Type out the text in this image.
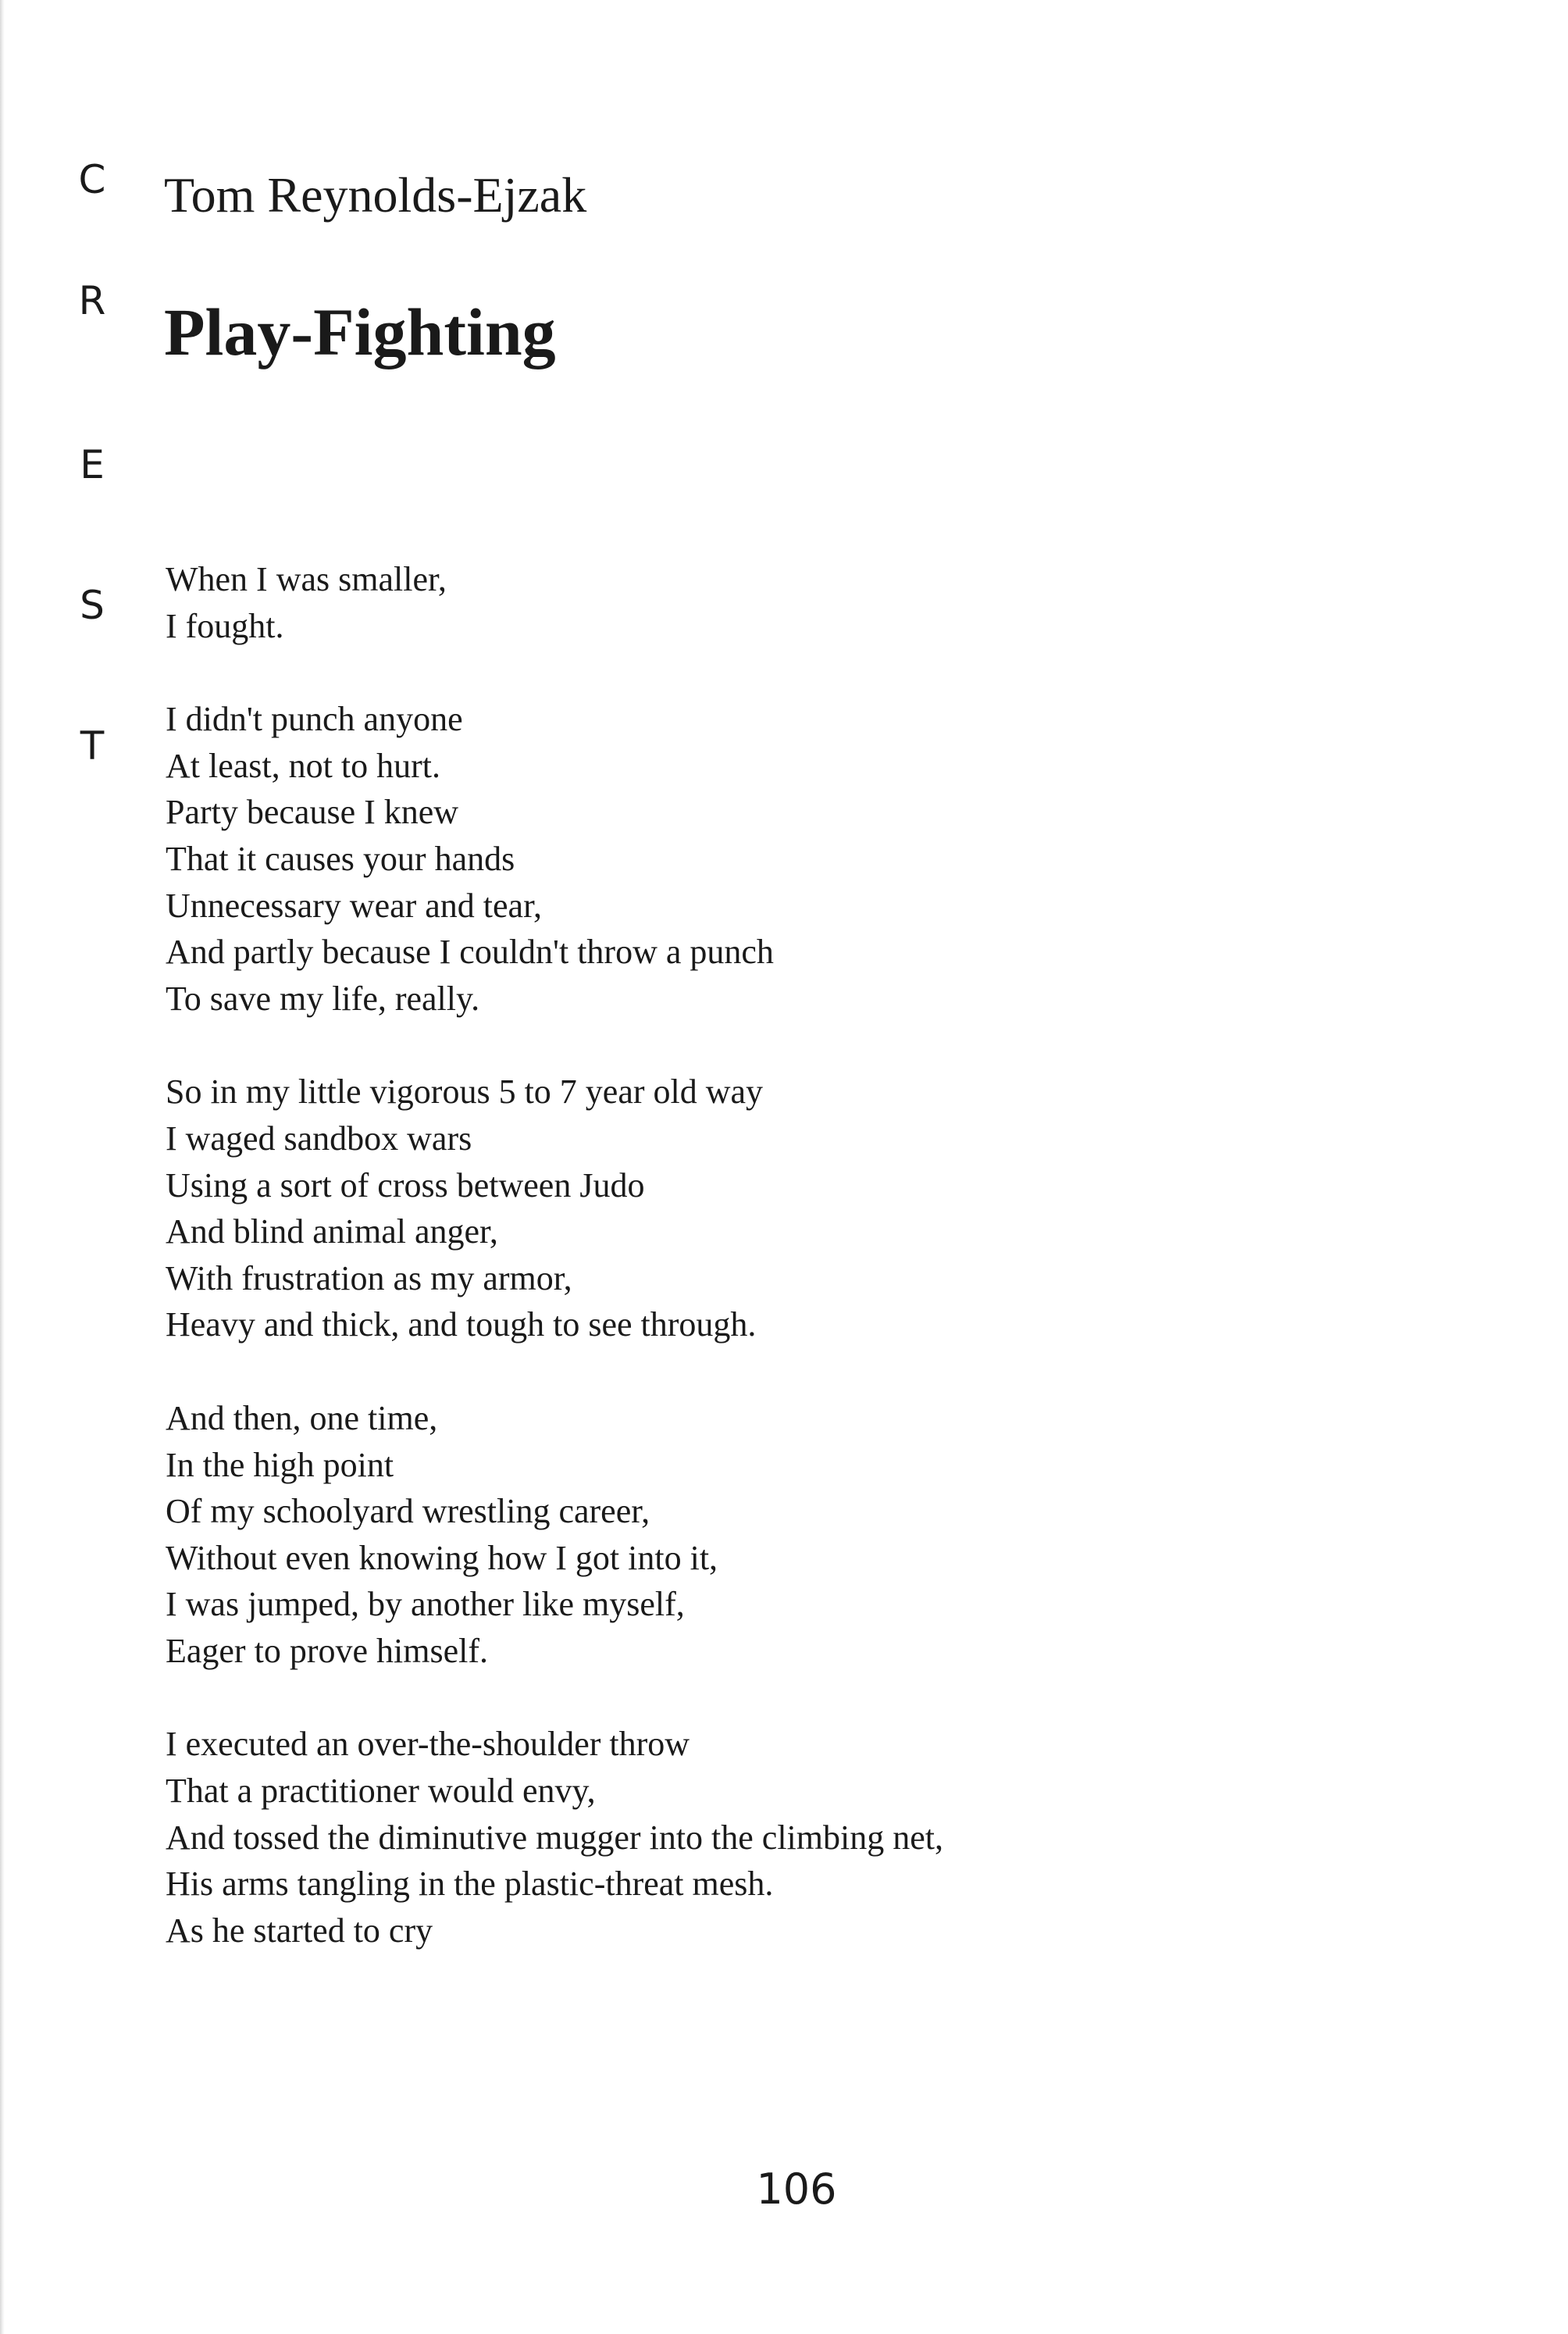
C
R
E
S
T
Tom Reynolds-Ejzak
Play-Fighting

When I was smaller,
I fought.

I didn't punch anyone
At least, not to hurt.
Party because I knew
That it causes your hands
Unnecessary wear and tear,
And partly because I couldn't throw a punch
To save my life, really.

So in my little vigorous 5 to 7 year old way
I waged sandbox wars
Using a sort of cross between Judo
And blind animal anger,
With frustration as my armor,
Heavy and thick, and tough to see through.

And then, one time,
In the high point
Of my schoolyard wrestling career,
Without even knowing how I got into it,
I was jumped, by another like myself,
Eager to prove himself.

I executed an over-the-shoulder throw
That a practitioner would envy,
And tossed the diminutive mugger into the climbing net,
His arms tangling in the plastic-threat mesh.
As he started to cry

106
